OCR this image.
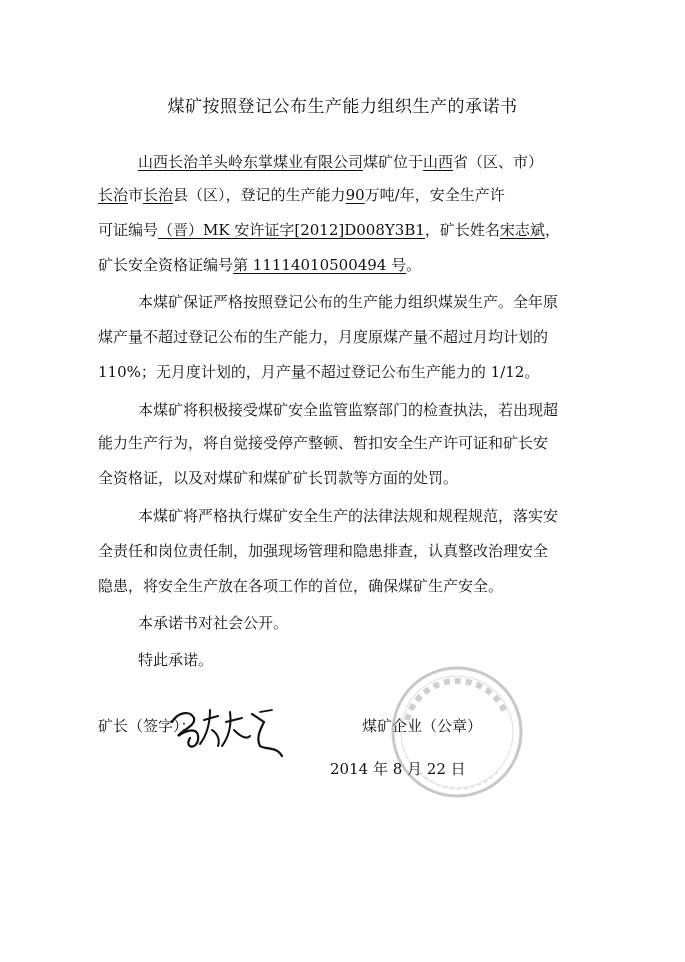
煤矿按照登记公布生产能力组织生产的承诺书
山西长治羊头岭东掌煤业有限公司煤矿位于山西省（区、市）
长治市长治县（区），登记的生产能力90万吨/年，安全生产许
可证编号（晋）MK 安许证字[2012]D008Y3B1，矿长姓名宋志斌，
矿长安全资格证编号第 11114010500494 号。
本煤矿保证严格按照登记公布的生产能力组织煤炭生产。全年原
煤产量不超过登记公布的生产能力，月度原煤产量不超过月均计划的
110%；无月度计划的，月产量不超过登记公布生产能力的 1/12。
本煤矿将积极接受煤矿安全监管监察部门的检查执法，若出现超
能力生产行为，将自觉接受停产整顿、暂扣安全生产许可证和矿长安
全资格证，以及对煤矿和煤矿矿长罚款等方面的处罚。
本煤矿将严格执行煤矿安全生产的法律法规和规程规范，落实安
全责任和岗位责任制，加强现场管理和隐患排查，认真整改治理安全
隐患，将安全生产放在各项工作的首位，确保煤矿生产安全。
本承诺书对社会公开。
特此承诺。
矿长（签字）：	煤矿企业（公章）
2014 年 8 月 22 日
